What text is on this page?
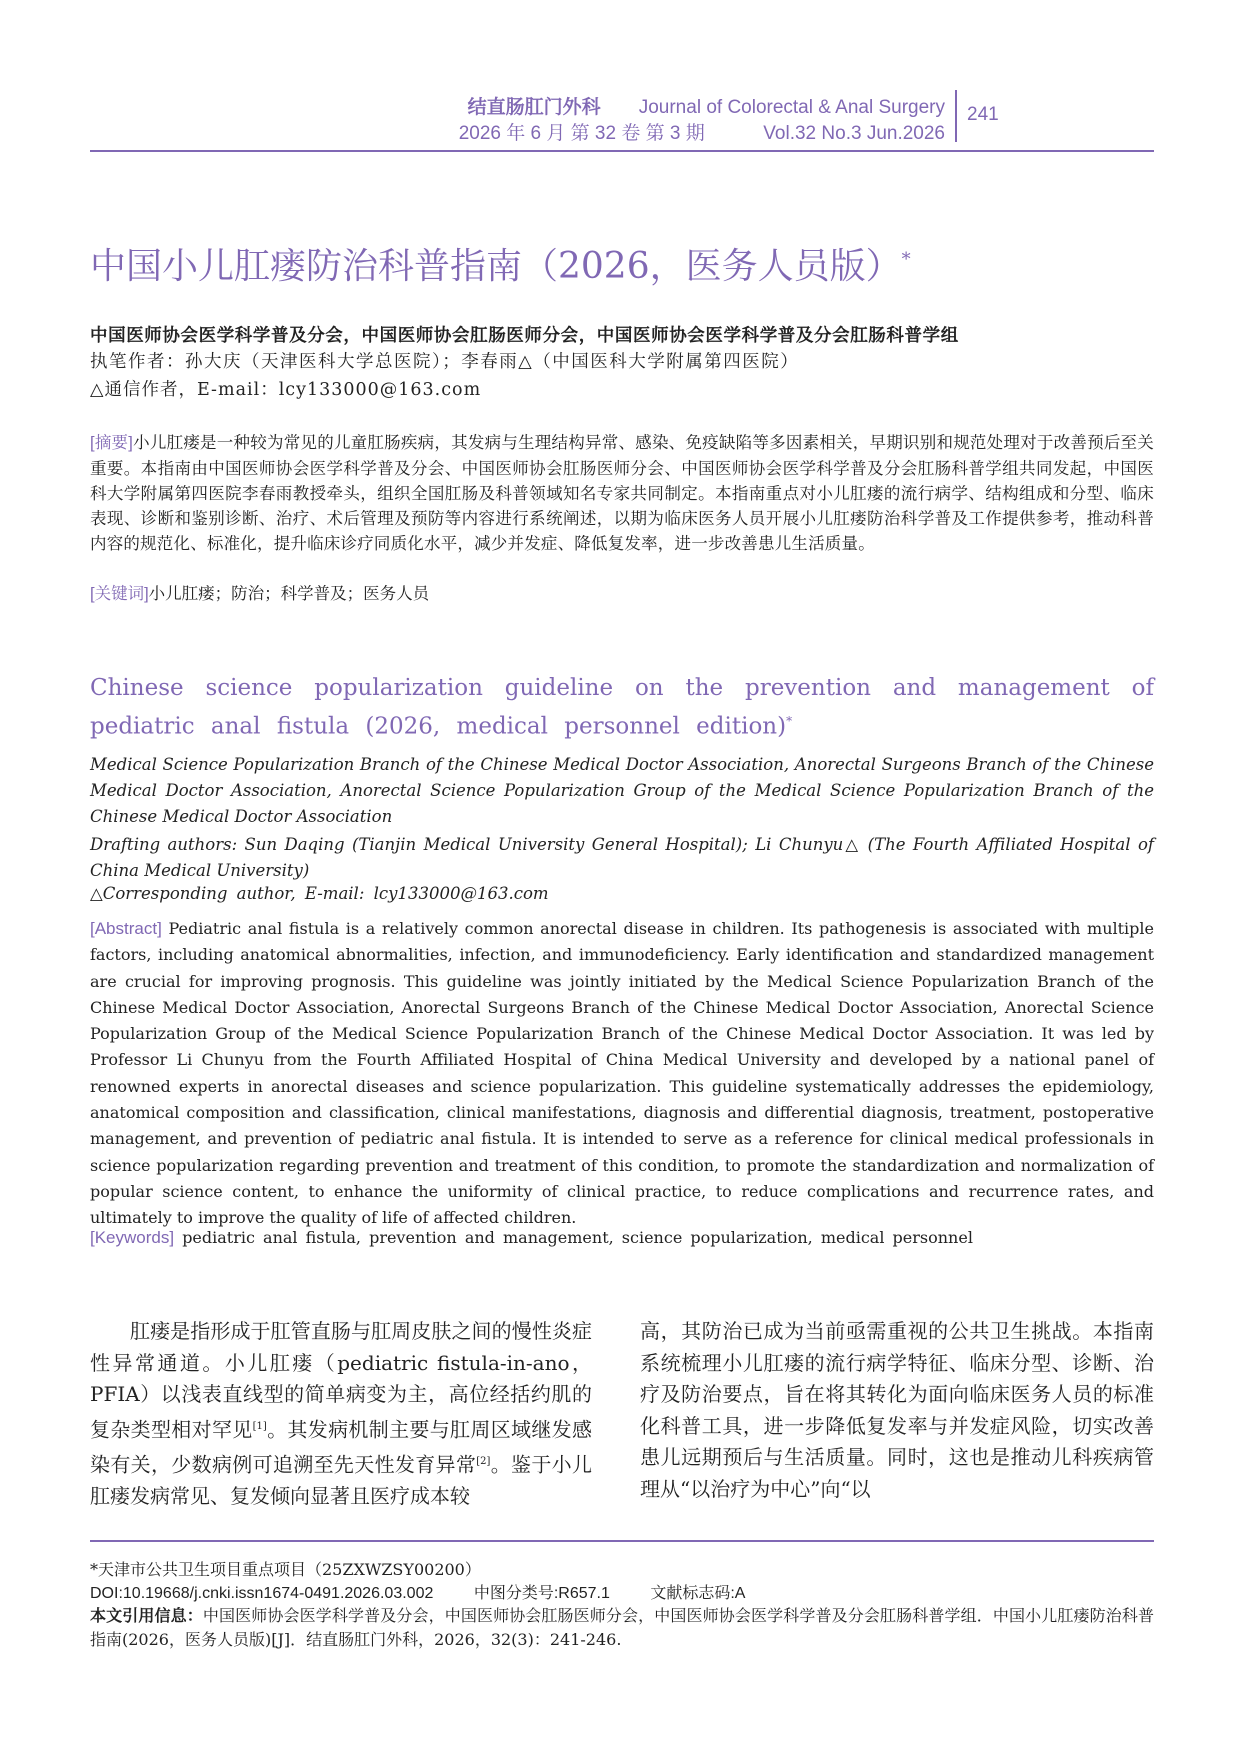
结直肠肛门外科 Journal of Colorectal & Anal Surgery
2026 年 6 月 第 32 卷 第 3 期	Vol.32 No.3 Jun.2026
241
中国小儿肛瘘防治科普指南（2026，医务人员版）*
中国医师协会医学科学普及分会，中国医师协会肛肠医师分会，中国医师协会医学科学普及分会肛肠科普学组
执笔作者：孙大庆（天津医科大学总医院）；李春雨△（中国医科大学附属第四医院）
△通信作者，E-mail：lcy133000@163.com
[摘要]小儿肛瘘是一种较为常见的儿童肛肠疾病，其发病与生理结构异常、感染、免疫缺陷等多因素相关，早期识别和规范处理对于改善预后至关重要。本指南由中国医师协会医学科学普及分会、中国医师协会肛肠医师分会、中国医师协会医学科学普及分会肛肠科普学组共同发起，中国医科大学附属第四医院李春雨教授牵头，组织全国肛肠及科普领域知名专家共同制定。本指南重点对小儿肛瘘的流行病学、结构组成和分型、临床表现、诊断和鉴别诊断、治疗、术后管理及预防等内容进行系统阐述，以期为临床医务人员开展小儿肛瘘防治科学普及工作提供参考，推动科普内容的规范化、标准化，提升临床诊疗同质化水平，减少并发症、降低复发率，进一步改善患儿生活质量。
[关键词]小儿肛瘘；防治；科学普及；医务人员
Chinese science popularization guideline on the prevention and management of pediatric anal fistula (2026, medical personnel edition)*
Medical Science Popularization Branch of the Chinese Medical Doctor Association, Anorectal Surgeons Branch of the Chinese Medical Doctor Association, Anorectal Science Popularization Group of the Medical Science Popularization Branch of the Chinese Medical Doctor Association
Drafting authors: Sun Daqing (Tianjin Medical University General Hospital); Li Chunyu△ (The Fourth Affiliated Hospital of China Medical University)
△Corresponding author, E-mail: lcy133000@163.com
[Abstract] Pediatric anal fistula is a relatively common anorectal disease in children. Its pathogenesis is associated with multiple factors, including anatomical abnormalities, infection, and immunodeficiency. Early identification and standardized management are crucial for improving prognosis. This guideline was jointly initiated by the Medical Science Popularization Branch of the Chinese Medical Doctor Association, Anorectal Surgeons Branch of the Chinese Medical Doctor Association, Anorectal Science Popularization Group of the Medical Science Popularization Branch of the Chinese Medical Doctor Association. It was led by Professor Li Chunyu from the Fourth Affiliated Hospital of China Medical University and developed by a national panel of renowned experts in anorectal diseases and science popularization. This guideline systematically addresses the epidemiology, anatomical composition and classification, clinical manifestations, diagnosis and differential diagnosis, treatment, postoperative management, and prevention of pediatric anal fistula. It is intended to serve as a reference for clinical medical professionals in science popularization regarding prevention and treatment of this condition, to promote the standardization and normalization of popular science content, to enhance the uniformity of clinical practice, to reduce complications and recurrence rates, and ultimately to improve the quality of life of affected children.
[Keywords] pediatric anal fistula, prevention and management, science popularization, medical personnel

肛瘘是指形成于肛管直肠与肛周皮肤之间的慢性炎症性异常通道。小儿肛瘘（pediatric fistula-in-ano，PFIA）以浅表直线型的简单病变为主，高位经括约肌的复杂类型相对罕见[1]。其发病机制主要与肛周区域继发感染有关，少数病例可追溯至先天性发育异常[2]。鉴于小儿肛瘘发病常见、复发倾向显著且医疗成本较

高，其防治已成为当前亟需重视的公共卫生挑战。本指南系统梳理小儿肛瘘的流行病学特征、临床分型、诊断、治疗及防治要点，旨在将其转化为面向临床医务人员的标准化科普工具，进一步降低复发率与并发症风险，切实改善患儿远期预后与生活质量。同时，这也是推动儿科疾病管理从“以治疗为中心”向“以

*天津市公共卫生项目重点项目（25ZXWZSY00200）
DOI:10.19668/j.cnki.issn1674-0491.2026.03.002	中图分类号:R657.1	文献标志码:A
本文引用信息：中国医师协会医学科学普及分会，中国医师协会肛肠医师分会，中国医师协会医学科学普及分会肛肠科普学组．中国小儿肛瘘防治科普指南(2026，医务人员版)[J]．结直肠肛门外科，2026，32(3)：241-246.
